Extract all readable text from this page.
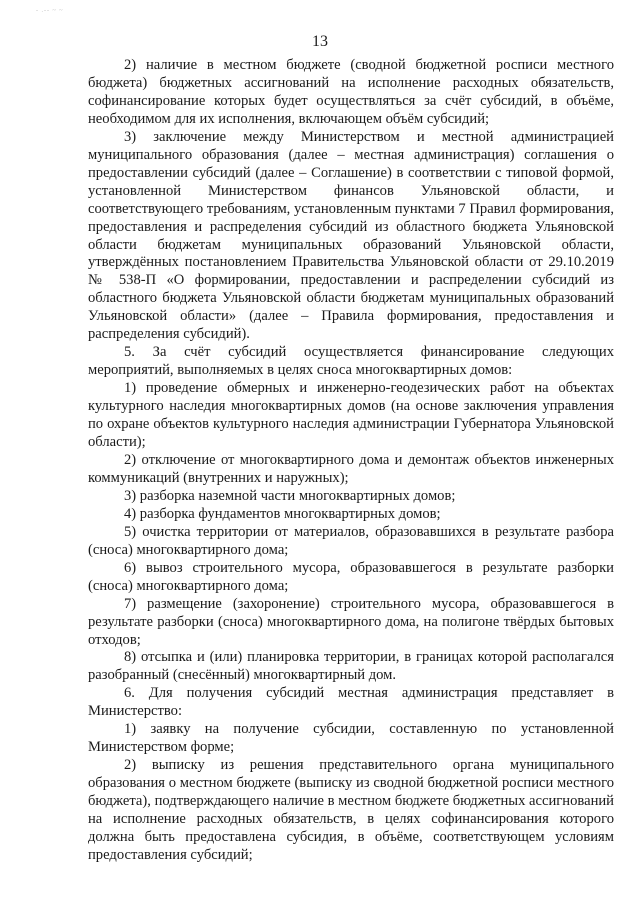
- .-- ~ ~
13

2) наличие в местном бюджете (сводной бюджетной росписи местного бюджета) бюджетных ассигнований на исполнение расходных обязательств, софинансирование которых будет осуществляться за счёт субсидий, в объёме, необходимом для их исполнения, включающем объём субсидий;

3) заключение между Министерством и местной администрацией муниципального образования (далее – местная администрация) соглашения о предоставлении субсидий (далее – Соглашение) в соответствии с типовой формой, установленной Министерством финансов Ульяновской области, и соответствующего требованиям, установленным пунктами 7 Правил формирования, предоставления и распределения субсидий из областного бюджета Ульяновской области бюджетам муниципальных образований Ульяновской области, утверждённых постановлением Правительства Ульяновской области от 29.10.2019 № 538-П «О формировании, предоставлении и распределении субсидий из областного бюджета Ульяновской области бюджетам муниципальных образований Ульяновской области» (далее – Правила формирования, предоставления и распределения субсидий).

5. За счёт субсидий осуществляется финансирование следующих мероприятий, выполняемых в целях сноса многоквартирных домов:

1) проведение обмерных и инженерно-геодезических работ на объектах культурного наследия многоквартирных домов (на основе заключения управления по охране объектов культурного наследия администрации Губернатора Ульяновской области);

2) отключение от многоквартирного дома и демонтаж объектов инженерных коммуникаций (внутренних и наружных);

3) разборка наземной части многоквартирных домов;

4) разборка фундаментов многоквартирных домов;

5) очистка территории от материалов, образовавшихся в результате разбора (сноса) многоквартирного дома;

6) вывоз строительного мусора, образовавшегося в результате разборки (сноса) многоквартирного дома;

7) размещение (захоронение) строительного мусора, образовавшегося в результате разборки (сноса) многоквартирного дома, на полигоне твёрдых бытовых отходов;

8) отсыпка и (или) планировка территории, в границах которой располагался разобранный (снесённый) многоквартирный дом.

6. Для получения субсидий местная администрация представляет в Министерство:

1) заявку на получение субсидии, составленную по установленной Министерством форме;

2) выписку из решения представительного органа муниципального образования о местном бюджете (выписку из сводной бюджетной росписи местного бюджета), подтверждающего наличие в местном бюджете бюджетных ассигнований на исполнение расходных обязательств, в целях софинансирования которого должна быть предоставлена субсидия, в объёме, соответствующем условиям предоставления субсидий;
